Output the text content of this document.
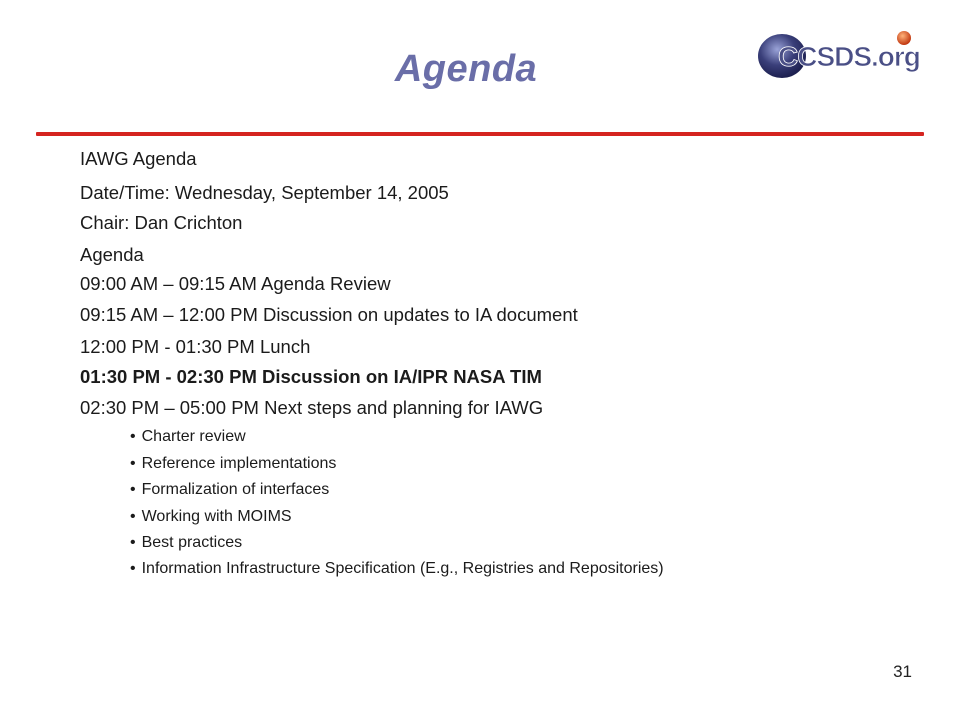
Agenda	CCSDS.org
IAWG Agenda
Date/Time: Wednesday, September 14, 2005
Chair: Dan Crichton
Agenda
09:00 AM – 09:15 AM Agenda Review
09:15 AM – 12:00 PM Discussion on updates to IA document
12:00 PM - 01:30 PM Lunch
01:30 PM - 02:30 PM Discussion on IA/IPR NASA TIM
02:30 PM – 05:00 PM Next steps and planning for IAWG
• Charter review
• Reference implementations
• Formalization of interfaces
• Working with MOIMS
• Best practices
• Information Infrastructure Specification (E.g., Registries and Repositories)
31
